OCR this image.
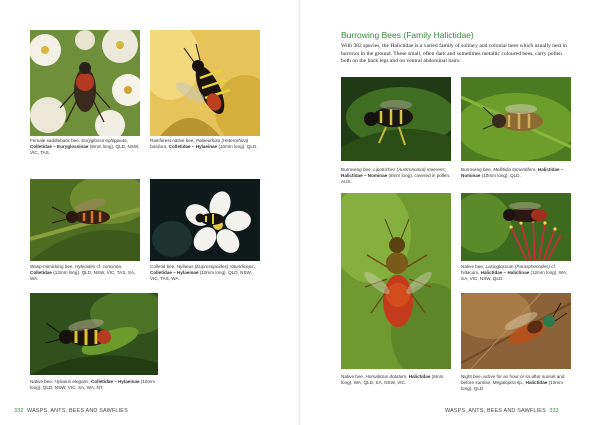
Female saddleback bee, Euryglossa ephippiata, Colletidae – Euryglossinae (8mm long). QLD, NSW, VIC, TAS.
Rainforest native bee, Palaeorhiza (Heterorhiza) basilura, Colletidae – Hylaeinae (10mm long). QLD.
Wasp-mimicking bee, Hyleoides cf. concinna, Colletidae (12mm long). QLD, NSW, VIC, TAS, SA, WA.
Colletid bee, Hylaeus (Euprosopoides) rotundiceps, Colletidae – Hylaeinae (10mm long). QLD, NSW, VIC, TAS, WA.
Native bee, Hylaeus elegans, Colletidae – Hylaeinae (10mm long). QLD, NSW, VIC, SA, WA, NT.
332 WASPS, ANTS, BEES AND SAWFLIES
Burrowing Bees (Family Halictidae)
With 382 species, the Halictidae is a varied family of solitary and colonial bees which usually nest in burrows in the ground. These small, often dark and sometimes metallic coloured bees, carry pollen both on the back legs and on ventral abdominal hairs.
Burrowing bee, Lipotriches (Austronomia) moerens, Halictidae – Nominae (8mm long), covered in pollen. AUS.
Burrowing bee, Mellitidia tomentifera, Halictidae – Nominae (10mm long). QLD.
Native bee, Homalictus dotatum, Halictidae (6mm long). WA, QLD, SA, NSW, VIC.
Native bee, Lasioglossum (Parasphecodes) cf. hiltacum, Halictidae – Halictinae (12mm long). WA, SA, VIC, NSW, QLD.
Night bee, active for an hour or so after sunset and before sunrise, Megaloptra sp., Halictidae (10mm long). QLD.
WASPS, ANTS, BEES AND SAWFLIES 333
